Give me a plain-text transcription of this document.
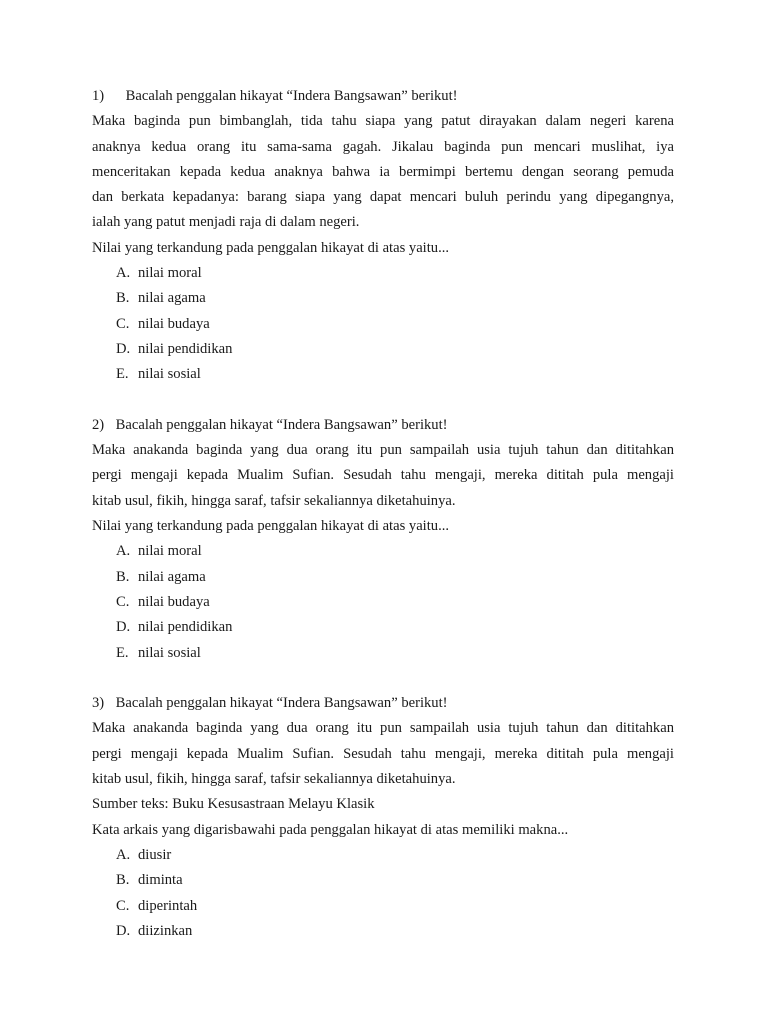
1) Bacalah penggalan hikayat “Indera Bangsawan” berikut!
Maka baginda pun bimbanglah, tida tahu siapa yang patut dirayakan dalam negeri karena
anaknya kedua orang itu sama-sama gagah. Jikalau baginda pun mencari muslihat, iya
menceritakan kepada kedua anaknya bahwa ia bermimpi bertemu dengan seorang pemuda
dan berkata kepadanya: barang siapa yang dapat mencari buluh perindu yang dipegangnya,
ialah yang patut menjadi raja di dalam negeri.
Nilai yang terkandung pada penggalan hikayat di atas yaitu...
A. nilai moral
B. nilai agama
C. nilai budaya
D. nilai pendidikan
E. nilai sosial
2) Bacalah penggalan hikayat “Indera Bangsawan” berikut!
Maka anakanda baginda yang dua orang itu pun sampailah usia tujuh tahun dan dititahkan
pergi mengaji kepada Mualim Sufian. Sesudah tahu mengaji, mereka dititah pula mengaji
kitab usul, fikih, hingga saraf, tafsir sekaliannya diketahuinya.
Nilai yang terkandung pada penggalan hikayat di atas yaitu...
A. nilai moral
B. nilai agama
C. nilai budaya
D. nilai pendidikan
E. nilai sosial
3) Bacalah penggalan hikayat “Indera Bangsawan” berikut!
Maka anakanda baginda yang dua orang itu pun sampailah usia tujuh tahun dan dititahkan
pergi mengaji kepada Mualim Sufian. Sesudah tahu mengaji, mereka dititah pula mengaji
kitab usul, fikih, hingga saraf, tafsir sekaliannya diketahuinya.
Sumber teks: Buku Kesusastraan Melayu Klasik
Kata arkais yang digarisbawahi pada penggalan hikayat di atas memiliki makna...
A. diusir
B. diminta
C. diperintah
D. diizinkan
